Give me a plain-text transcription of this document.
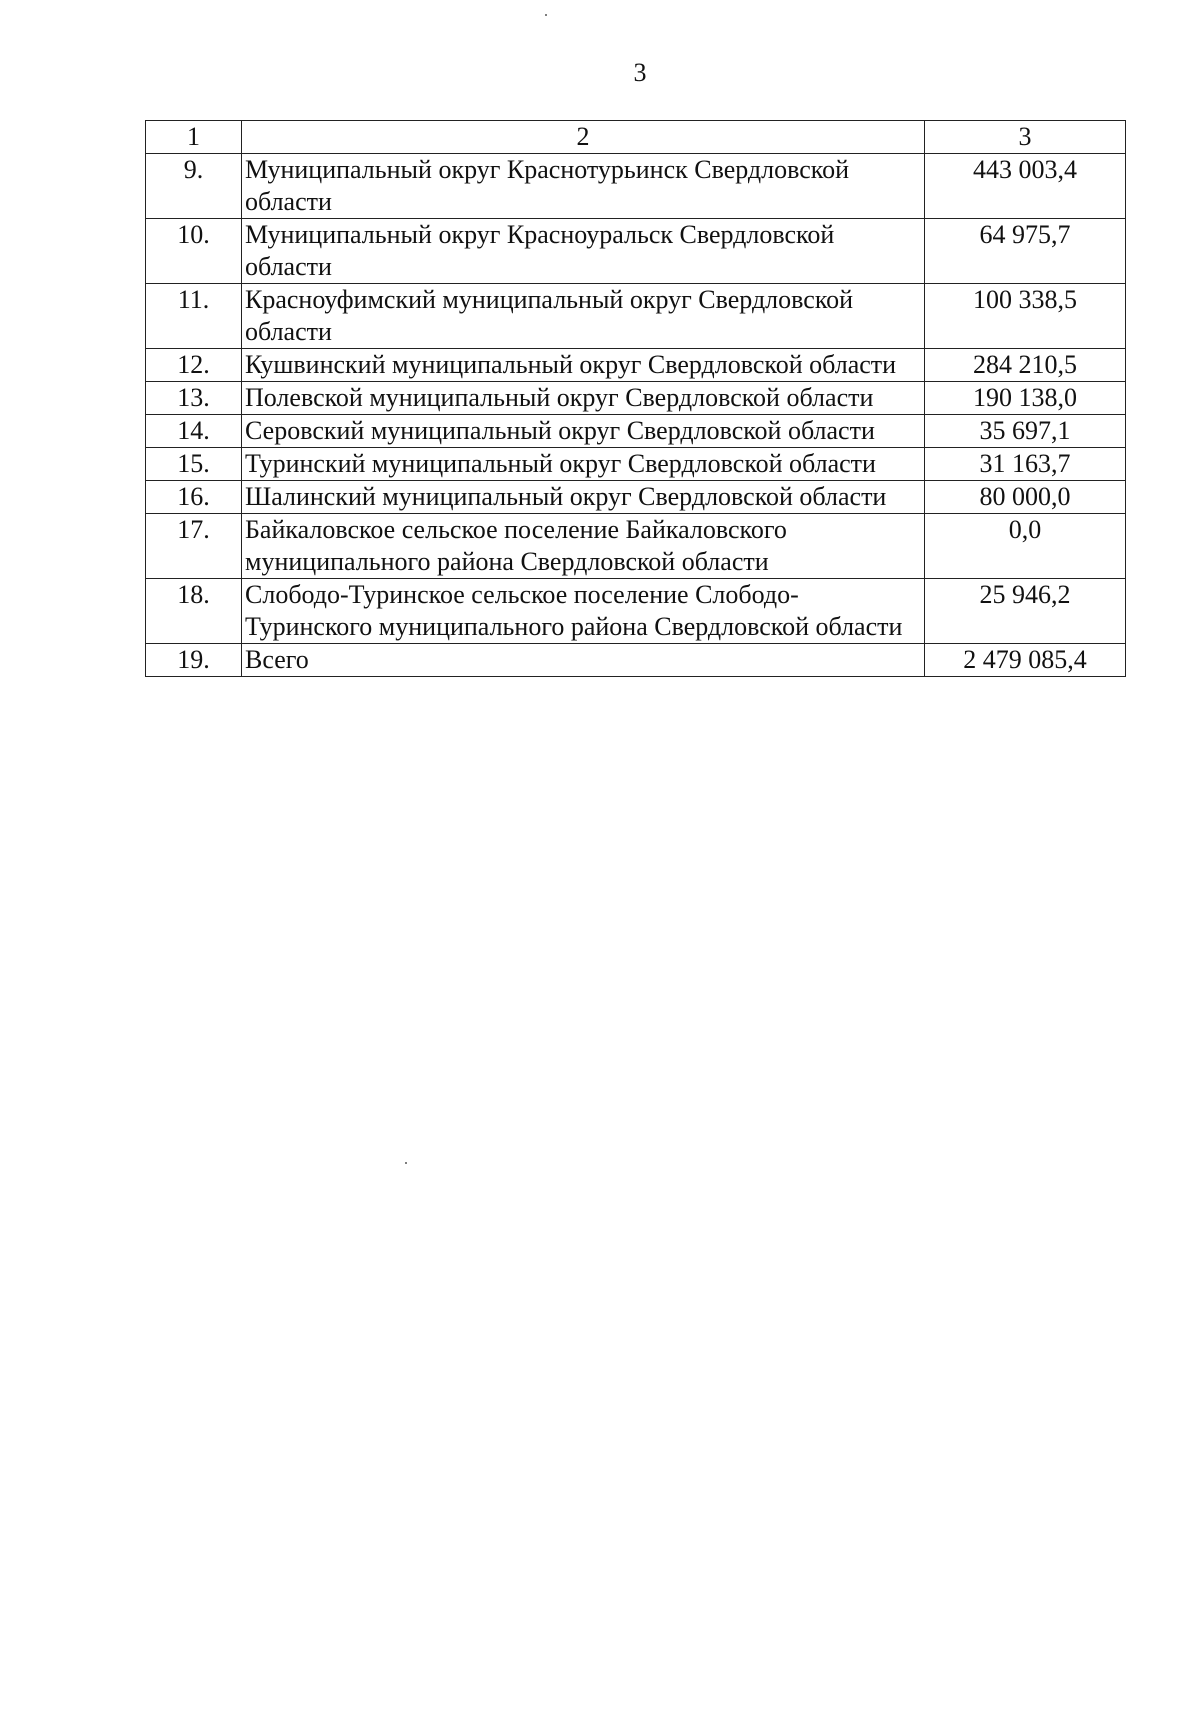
3
1	2	3
9.	Муниципальный округ Краснотурьинск Свердловской области	443 003,4
10.	Муниципальный округ Красноуральск Свердловской области	64 975,7
11.	Красноуфимский муниципальный округ Свердловской области	100 338,5
12.	Кушвинский муниципальный округ Свердловской области	284 210,5
13.	Полевской муниципальный округ Свердловской области	190 138,0
14.	Серовский муниципальный округ Свердловской области	35 697,1
15.	Туринский муниципальный округ Свердловской области	31 163,7
16.	Шалинский муниципальный округ Свердловской области	80 000,0
17.	Байкаловское сельское поселение Байкаловского муниципального района Свердловской области	0,0
18.	Слободо-Туринское сельское поселение Слободо-Туринского муниципального района Свердловской области	25 946,2
19.	Всего	2 479 085,4
